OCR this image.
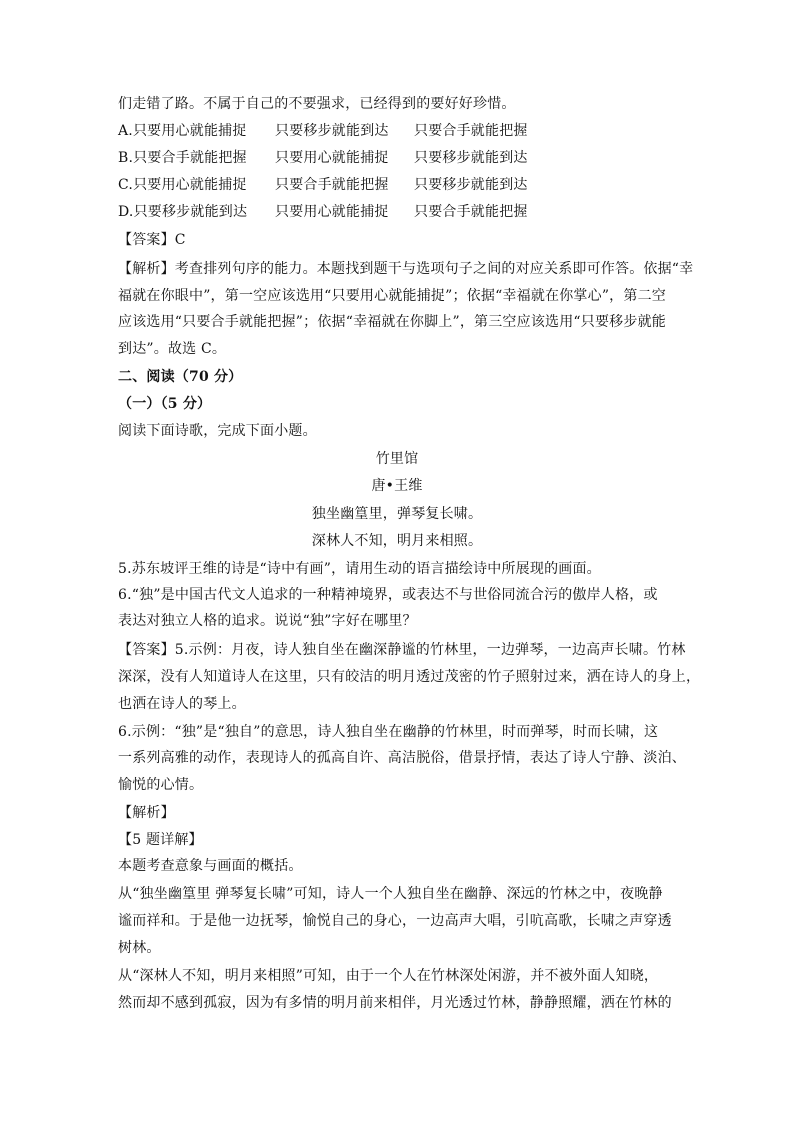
们走错了路。不属于自己的不要强求，已经得到的要好好珍惜。
A.只要用心就能捕捉 只要移步就能到达 只要合手就能把握
B.只要合手就能把握 只要用心就能捕捉 只要移步就能到达
C.只要用心就能捕捉 只要合手就能把握 只要移步就能到达
D.只要移步就能到达 只要用心就能捕捉 只要合手就能把握
【答案】C
【解析】考查排列句序的能力。本题找到题干与选项句子之间的对应关系即可作答。依据“幸
福就在你眼中”，第一空应该选用“只要用心就能捕捉”；依据“幸福就在你掌心”，第二空
应该选用“只要合手就能把握”；依据“幸福就在你脚上”，第三空应该选用“只要移步就能
到达”。故选 C。
二、阅读（70 分）
（一）（5 分）
阅读下面诗歌，完成下面小题。
竹里馆
唐•王维
独坐幽篁里，弹琴复长啸。
深林人不知，明月来相照。
5.苏东坡评王维的诗是“诗中有画”，请用生动的语言描绘诗中所展现的画面。
6.“独”是中国古代文人追求的一种精神境界，或表达不与世俗同流合污的傲岸人格，或
表达对独立人格的追求。说说“独”字好在哪里？
【答案】5.示例：月夜，诗人独自坐在幽深静谧的竹林里，一边弹琴，一边高声长啸。竹林
深深，没有人知道诗人在这里，只有皎洁的明月透过茂密的竹子照射过来，洒在诗人的身上，
也洒在诗人的琴上。
6.示例：“独”是“独自”的意思，诗人独自坐在幽静的竹林里，时而弹琴，时而长啸，这
一系列高雅的动作，表现诗人的孤高自许、高洁脱俗，借景抒情，表达了诗人宁静、淡泊、
愉悦的心情。
【解析】
【5 题详解】
本题考查意象与画面的概括。
从“独坐幽篁里 弹琴复长啸”可知，诗人一个人独自坐在幽静、深远的竹林之中，夜晚静
谧而祥和。于是他一边抚琴，愉悦自己的身心，一边高声大唱，引吭高歌，长啸之声穿透
树林。
从“深林人不知，明月来相照”可知，由于一个人在竹林深处闲游，并不被外面人知晓，
然而却不感到孤寂，因为有多情的明月前来相伴，月光透过竹林，静静照耀，洒在竹林的
